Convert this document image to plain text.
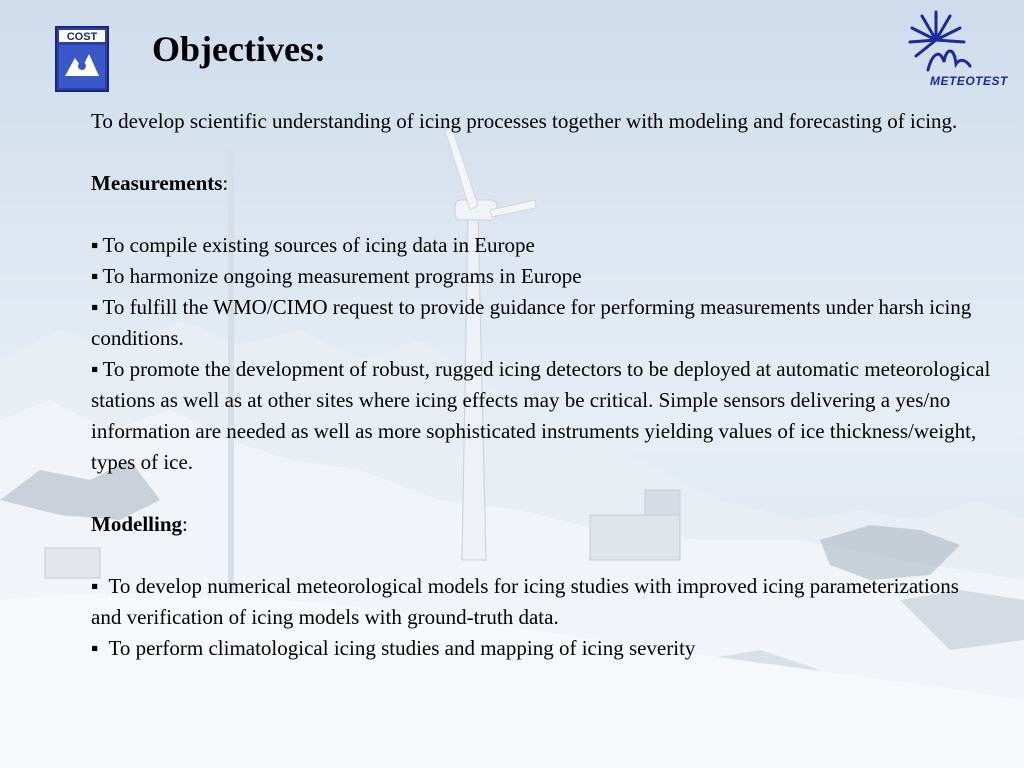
COST Objectives:
METEOTEST

To develop scientific understanding of icing processes together with modeling and forecasting of icing.

Measurements:

▪ To compile existing sources of icing data in Europe

▪ To harmonize ongoing measurement programs in Europe

▪ To fulfill the WMO/CIMO request to provide guidance for performing measurements under harsh icing conditions.

▪ To promote the development of robust, rugged icing detectors to be deployed at automatic meteorological stations as well as at other sites where icing effects may be critical. Simple sensors delivering a yes/no information are needed as well as more sophisticated instruments yielding values of ice thickness/weight, types of ice.

Modelling:

▪ To develop numerical meteorological models for icing studies with improved icing parameterizations and verification of icing models with ground-truth data.

▪ To perform climatological icing studies and mapping of icing severity
